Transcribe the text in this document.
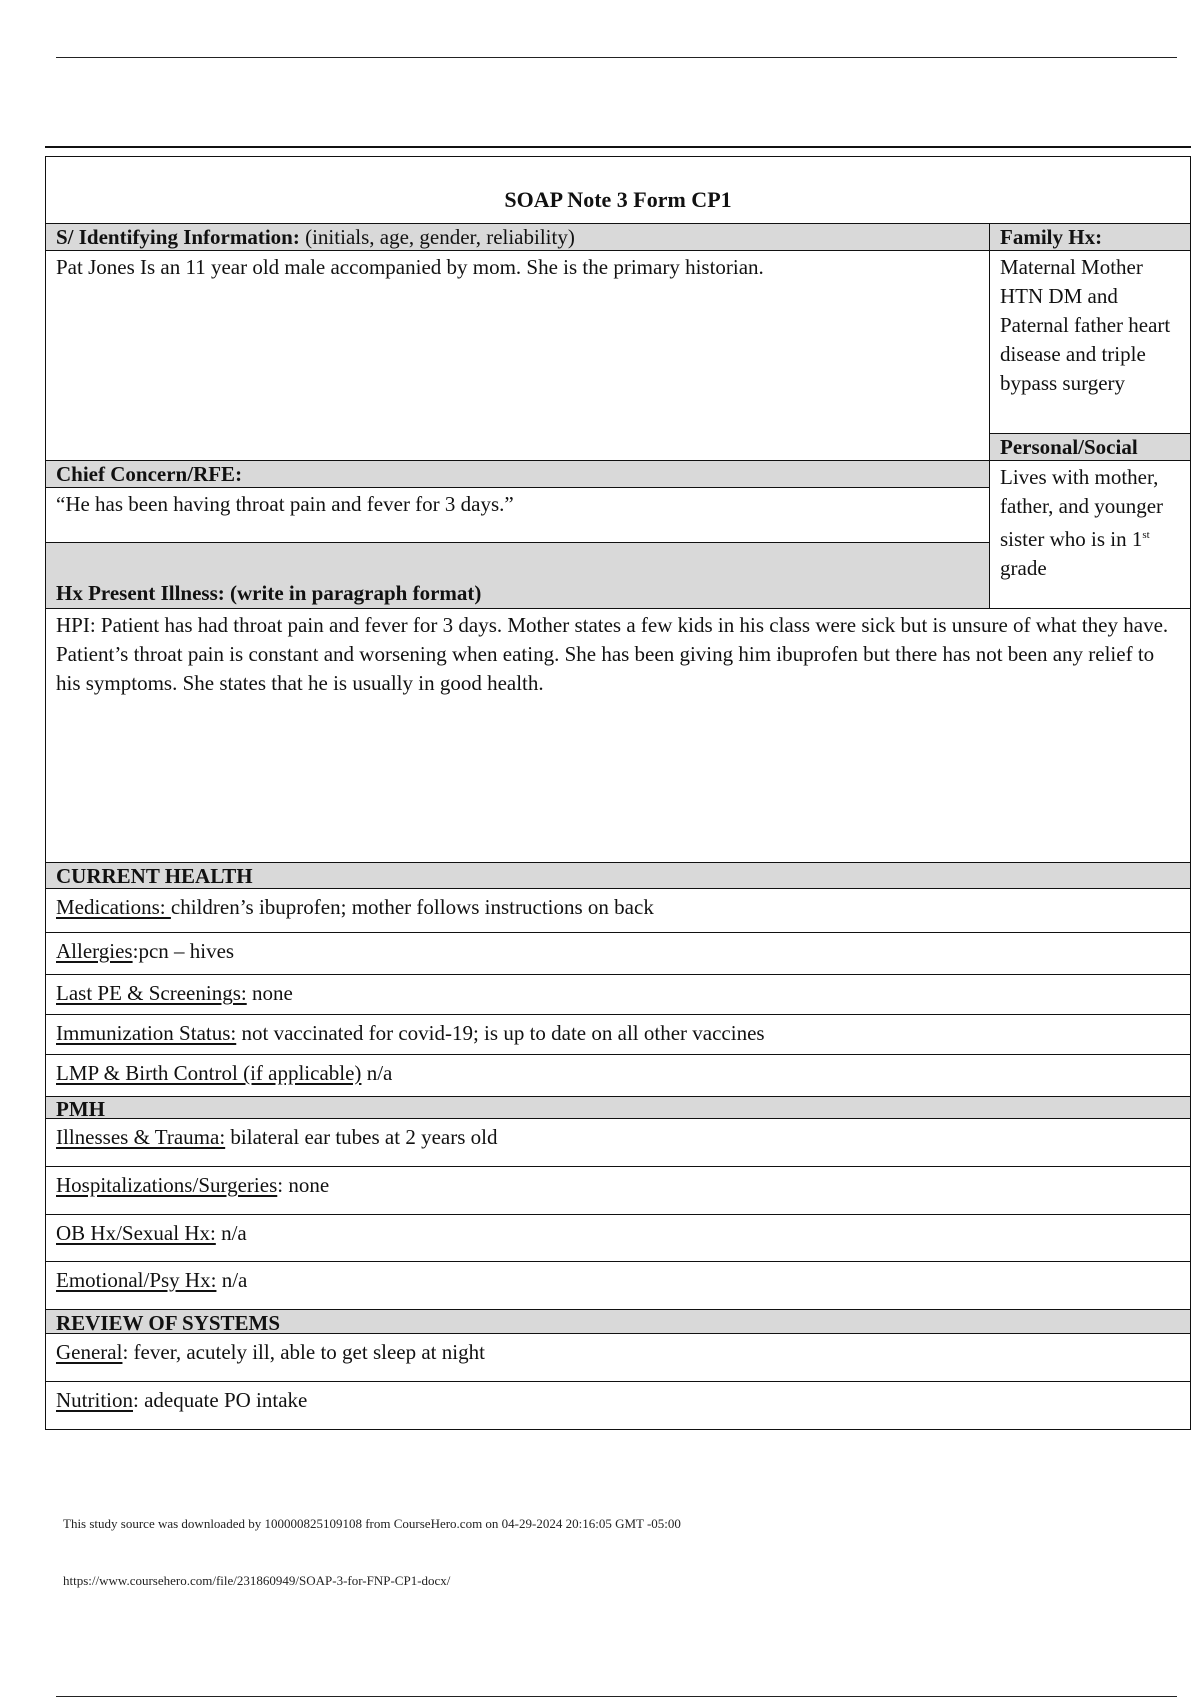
SOAP Note 3 Form CP1
S/ Identifying Information: (initials, age, gender, reliability)
Pat Jones Is an 11 year old male accompanied by mom. She is the primary historian.
Chief Concern/RFE:
“He has been having throat pain and fever for 3 days.”
Hx Present Illness: (write in paragraph format)
Family Hx:
Maternal Mother HTN DM and Paternal father heart disease and triple bypass surgery
Personal/Social
Lives with mother, father, and younger sister who is in 1st grade
HPI: Patient has had throat pain and fever for 3 days. Mother states a few kids in his class were sick but is unsure of what they have. Patient’s throat pain is constant and worsening when eating. She has been giving him ibuprofen but there has not been any relief to his symptoms. She states that he is usually in good health.
CURRENT HEALTH
Medications: children’s ibuprofen; mother follows instructions on back
Allergies:pcn – hives
Last PE & Screenings: none
Immunization Status: not vaccinated for covid-19; is up to date on all other vaccines
LMP & Birth Control (if applicable) n/a
PMH
Illnesses & Trauma: bilateral ear tubes at 2 years old
Hospitalizations/Surgeries: none
OB Hx/Sexual Hx: n/a
Emotional/Psy Hx: n/a
REVIEW OF SYSTEMS
General: fever, acutely ill, able to get sleep at night
Nutrition: adequate PO intake
This study source was downloaded by 100000825109108 from CourseHero.com on 04-29-2024 20:16:05 GMT -05:00
https://www.coursehero.com/file/231860949/SOAP-3-for-FNP-CP1-docx/
